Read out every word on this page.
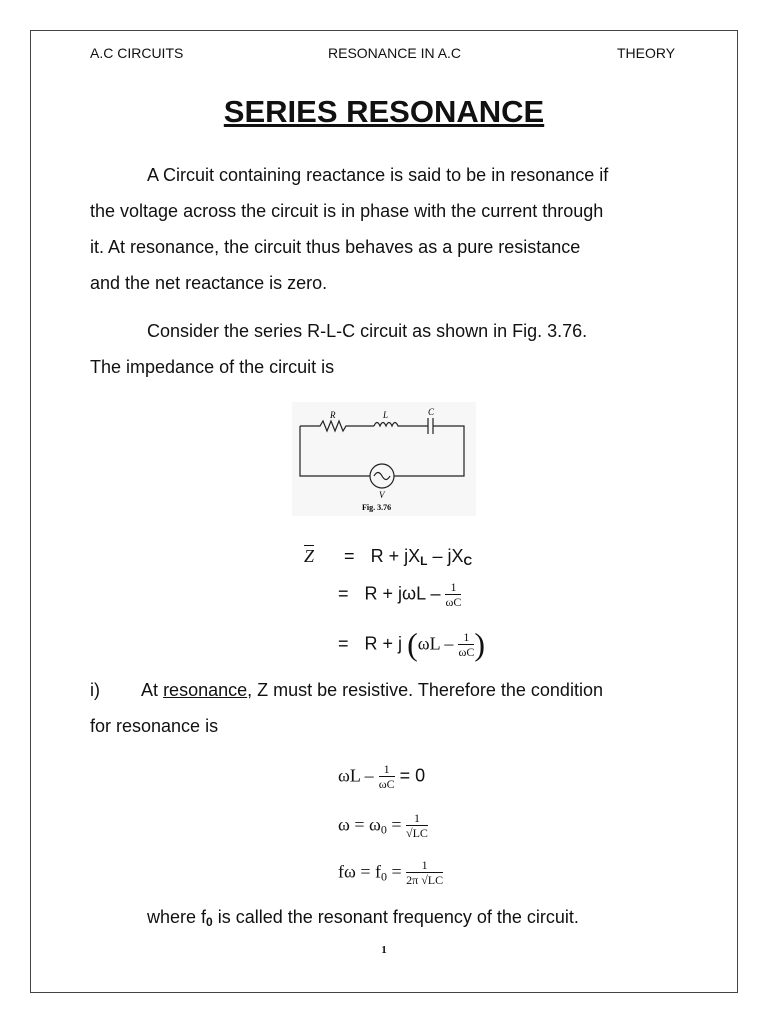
A.C CIRCUITS	RESONANCE IN A.C	THEORY
SERIES RESONANCE
A Circuit containing reactance is said to be in resonance if
the voltage across the circuit is in phase with the current through
it. At resonance, the circuit thus behaves as a pure resistance
and the net reactance is zero.
Consider the series R-L-C circuit as shown in Fig. 3.76.
The impedance of the circuit is
R	L	C
V
Fig. 3.76
$\overline{Z} = R$ + jXL – jXC
= $R + j\omega L - \frac{1}{\omega C}$
= R + j ($\omega L - \frac{1}{\omega C}$ )
i) At resonance, Z must be resistive. Therefore the condition
for resonance is
$\omega L - \frac{1}{\omega C} = 0$
$\omega = \omega_0 = \frac{1}{√LC}$
$f\omega = f_0 = \frac{1}{2\pi √LC}$
where f0 is called the resonant frequency of the circuit.
1
